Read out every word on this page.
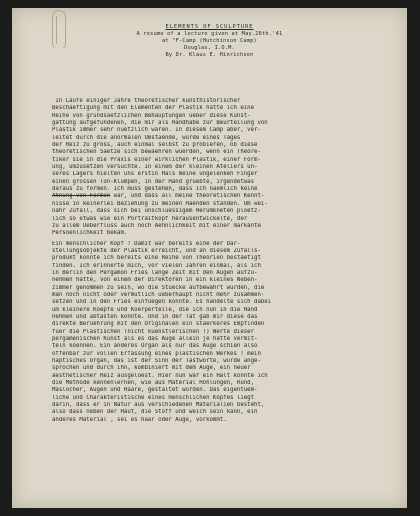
ELEMENTS OF SCULPTURE
A resume of a lecture given at May.26th.'41
at "F-Camp (Hutchinson Camp)
Douglas, I.O.M.
By Dr. Klaus E. Hinrichsen
In Laufe einiger Jahre theoretischer kunsthistorischer
Beschaeftigung mit den Elementen der Plastik hatte ich eine
Reihe von grundsaetzlichen Behauptungen ueber diese Kunst-
gattung aufgefundenen, die mir als Handhabe zur Beurteilung von
Plastik immer sehr nuetzlich waren. In diesem Camp aber, ver-
leitet durch die anormalen Umstaende, wurde eines Tages
der Reiz zu gross, auch einmal selbst zu probieren, ob diese
theoretischen Saetze sich bewaehren wuerden, wenn ein Theore-
tiker sie in die Praxis einer wirklichen Plastik, einer Form-
ung, umzusetzen versuchte. In einem der kleinen Ateliers un-
seres Lagers hielten uns erstin Hals meine ungelenken Finger
einen grossen Ton-Klumpen, in der Hand gruebte, irgendetwas
daraus zu formen. Ich muss gestehen, dass ich naemlich keine
Ahnung von Formen war, und dass all meine theoretischen Kennt-
nisse in keinerlei Beziehung zu meinen Haenden standen. Um wei-
nahr Zufall, dass sich bei unschluessigem Herumkneten ploetz-
lich so etwas wie ein Portraitkopf herausentwickelte, der
zu allem Ueberfluss auch noch Aehnlichkeit mit einer markante
Persoenlichkeit bekam.
Ein menschlicher Kopf ! Damit war bereits eine der Dar-
stellungsobjekte der Plastik erreicht, und an diesem Zufalls-
produkt konnte ich bereits eine Reihe von Theorien bestaetigt
finden. Ich erinnerte mich, vor vielen Jahren einmal, als ich
in Berlin den Pergamon Fries lange Zeit mit den Augen aufzu-
nehmen hatte, von einem der Direktoren in ein kleines Neben-
zimmer genommen zu sein, wo die Stuecke aufbewahrt wurden, die
man noch nicht oder vermutlich ueberhaupt nicht mehr zusammen-
setzen und in den Fries einfuegen konnte. Es handelte sich dabei
um kleinere Koepfe und Koerperteile, die ich nun in die Hand
nehmen und abtasten konnte. Und in der Tat gab mir diese das
direkte Beruehrung mit den Originalen ein staerkeres Empfinden
fuer die Plastischen (nicht kuenstlerischen !) Werte dieser
pergamenischen Kunst als es das Auge allein je hatte vermit-
teln koennen. Ein anderes Organ als nur das Auge schien also
offenbar zur vollen Erfassung eines plastischen Werkes ! mein
haptisches Organ, das ist der Sinn der Tastworte, wurde ange-
sprochen und durch ihn, kombiniert mit dem Auge, ein neuer
aesthetischer Reiz ausgeloest. Hier nun war ein Halt konnte ich
die Methode kennenlernen, wie aus Material Hohlungen, Rund,
Maslocher, Augen und Haare, gestaltet wurden. Das eigentuem-
liche und Charakteristische eines menschlichen Kopfes liegt
darin, dass er in Natur aus verschiedenen Materialien besteht,
also dass neben der Haut, die Stoff und weich sein kann, ein
anderes Material , sei es haar oder Auge, vorkommt.
